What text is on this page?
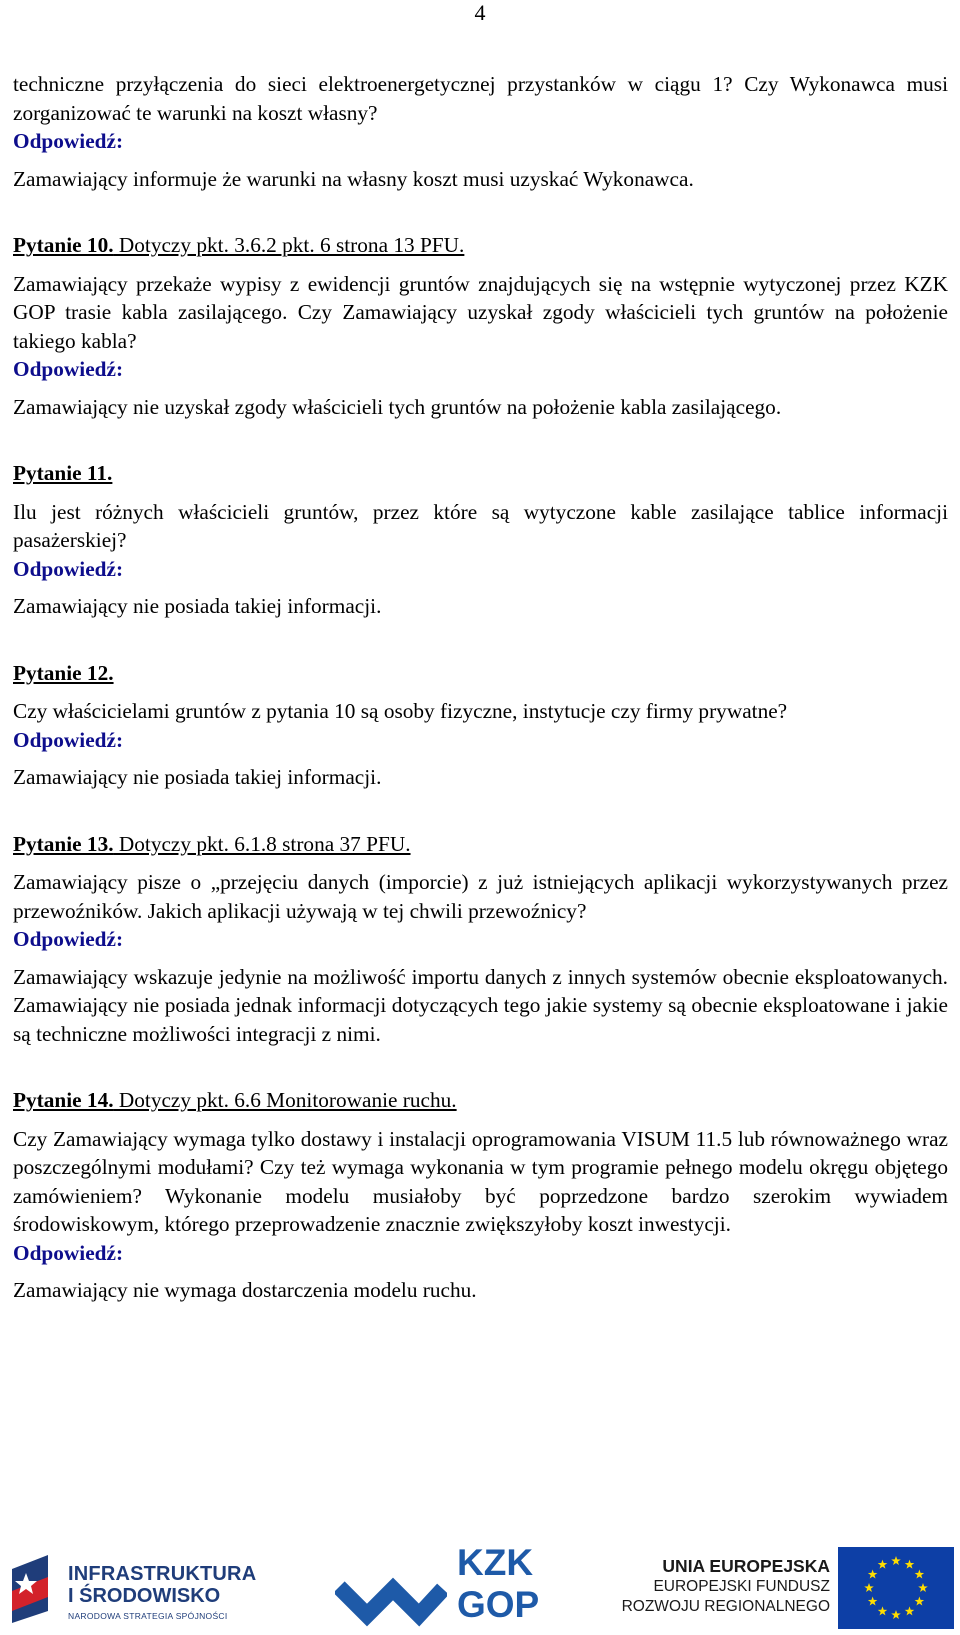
4

techniczne przyłączenia do sieci elektroenergetycznej przystanków w ciągu 1? Czy Wykonawca musi zorganizować te warunki na koszt własny?

Odpowiedź:

Zamawiający informuje że warunki na własny koszt musi uzyskać Wykonawca.

Pytanie 10. Dotyczy pkt. 3.6.2 pkt. 6 strona 13 PFU.

Zamawiający przekaże wypisy z ewidencji gruntów znajdujących się na wstępnie wytyczonej przez KZK GOP trasie kabla zasilającego. Czy Zamawiający uzyskał zgody właścicieli tych gruntów na położenie takiego kabla?

Odpowiedź:

Zamawiający nie uzyskał zgody właścicieli tych gruntów na położenie kabla zasilającego.

Pytanie 11.

Ilu jest różnych właścicieli gruntów, przez które są wytyczone kable zasilające tablice informacji pasażerskiej?

Odpowiedź:

Zamawiający nie posiada takiej informacji.

Pytanie 12.

Czy właścicielami gruntów z pytania 10 są osoby fizyczne, instytucje czy firmy prywatne?

Odpowiedź:

Zamawiający nie posiada takiej informacji.

Pytanie 13. Dotyczy pkt. 6.1.8 strona 37 PFU.

Zamawiający pisze o „przejęciu danych (imporcie) z już istniejących aplikacji wykorzystywanych przez przewoźników. Jakich aplikacji używają w tej chwili przewoźnicy?

Odpowiedź:

Zamawiający wskazuje jedynie na możliwość importu danych z innych systemów obecnie eksploatowanych. Zamawiający nie posiada jednak informacji dotyczących tego jakie systemy są obecnie eksploatowane i jakie są techniczne możliwości integracji z nimi.

Pytanie 14. Dotyczy pkt. 6.6 Monitorowanie ruchu.

Czy Zamawiający wymaga tylko dostawy i instalacji oprogramowania VISUM 11.5 lub równoważnego wraz poszczególnymi modułami? Czy też wymaga wykonania w tym programie pełnego modelu okręgu objętego zamówieniem? Wykonanie modelu musiałoby być poprzedzone bardzo szerokim wywiadem środowiskowym, którego przeprowadzenie znacznie zwiększyłoby koszt inwestycji.

Odpowiedź:

Zamawiający nie wymaga dostarczenia modelu ruchu.

INFRASTRUKTURA
I ŚRODOWISKO
NARODOWA STRATEGIA SPÓJNOŚCI
KZK
GOP
UNIA EUROPEJSKA
EUROPEJSKI FUNDUSZ
ROZWOJU REGIONALNEGO
